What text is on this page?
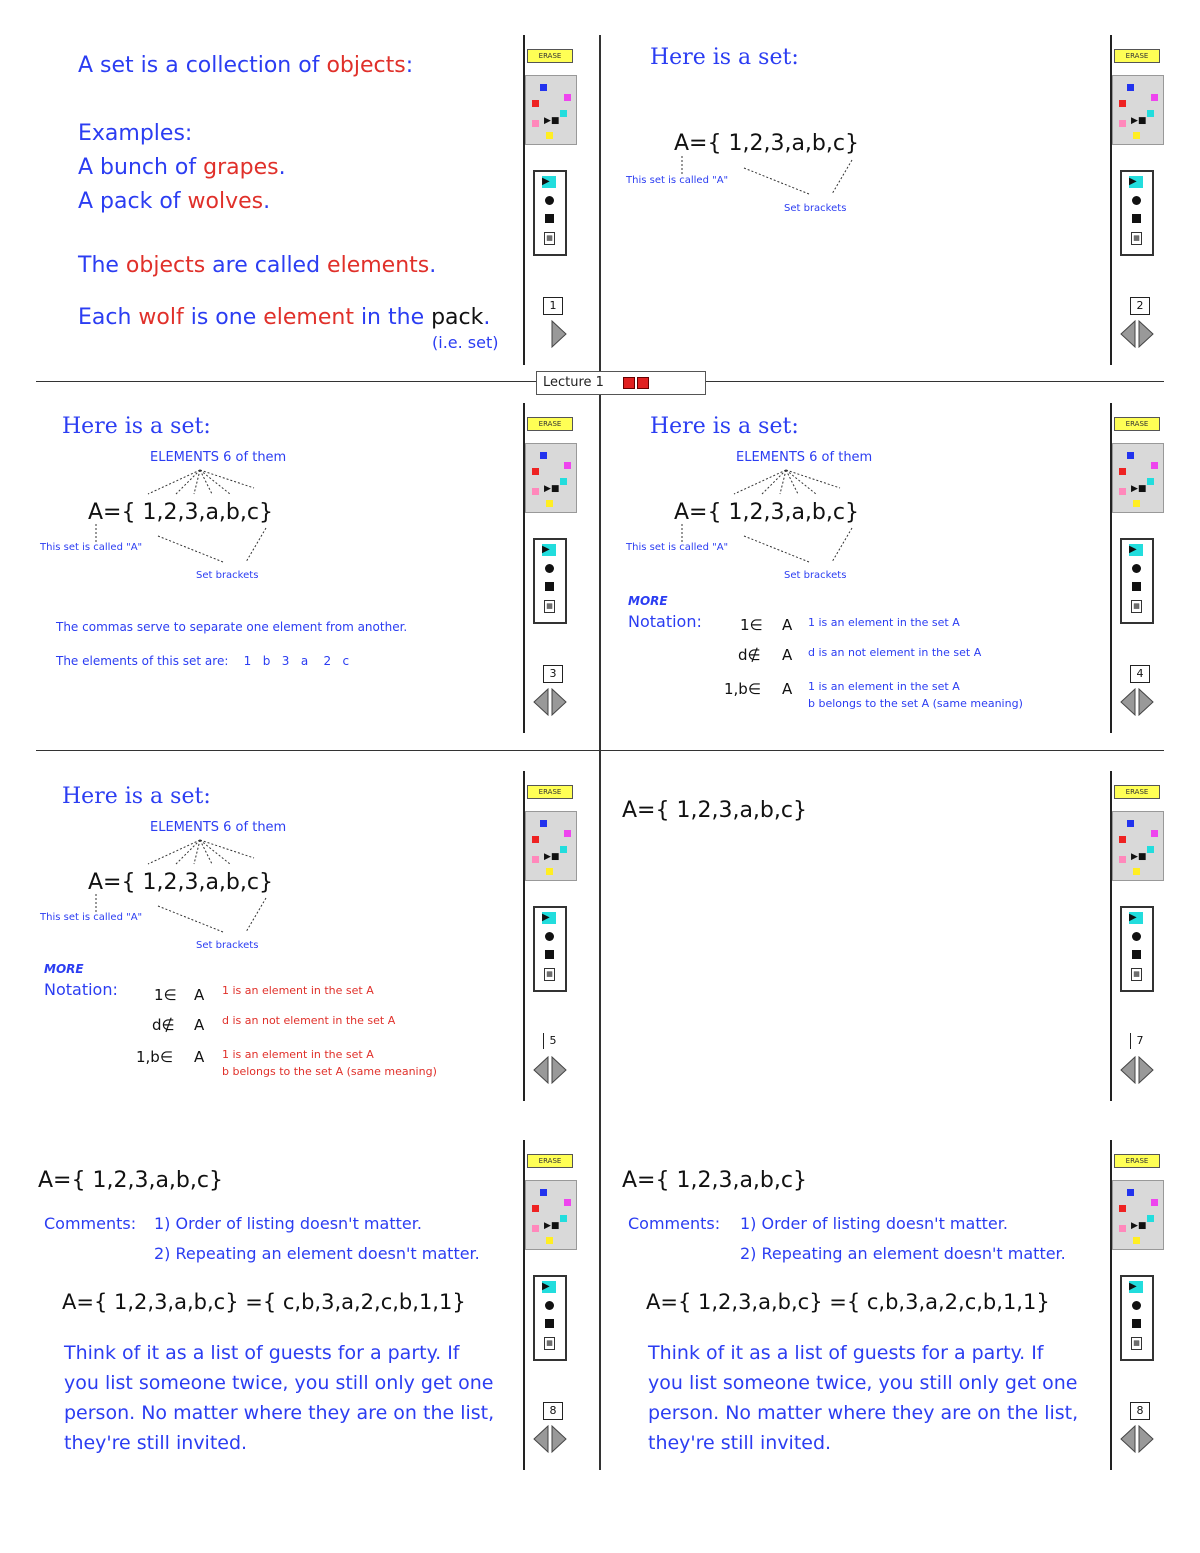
Lecture 1
A set is a collection of objects:
Examples:
A bunch of grapes.
A pack of wolves.
The objects are called elements.
Each wolf is one element in the pack.
(i.e. set)
ERASE
▶■
▶
▦
1
Here is a set:
A={ 1,2,3,a,b,c}
This set is called "A"
Set brackets
ERASE
▶■
▶
▦
2
Here is a set:
ELEMENTS 6 of them
A={ 1,2,3,a,b,c}
This set is called "A"
Set brackets
The commas serve to separate one element from another.
The elements of this set are:    1   b   3   a    2   c
ERASE
▶■
▶
▦
3
Here is a set:
ELEMENTS 6 of them
A={ 1,2,3,a,b,c}
This set is called "A"
Set brackets
MORE
Notation:	1∈ A 1 is an element in the set A
d∉ A d is an not element in the set A
1,b∈ A 1 is an element in the set A
b belongs to the set A (same meaning)
ERASE
▶■
▶
▦
4
Here is a set:
ELEMENTS 6 of them
A={ 1,2,3,a,b,c}
This set is called "A"
Set brackets
MORE
Notation: 1∈ A 1 is an element in the set A
d∉ A d is an not element in the set A
1,b∈ A 1 is an element in the set A
b belongs to the set A (same meaning)
ERASE
▶■
▶
▦
5
A={ 1,2,3,a,b,c}
ERASE
▶■
▶
▦
7
A={ 1,2,3,a,b,c}
Comments: 1) Order of listing doesn't matter.
2) Repeating an element doesn't matter.
A={ 1,2,3,a,b,c} ={ c,b,3,a,2,c,b,1,1}
Think of it as a list of guests for a party. If
you list someone twice, you still only get one
person. No matter where they are on the list,
they're still invited.
ERASE
▶■
▶
▦
8
A={ 1,2,3,a,b,c}
Comments: 1) Order of listing doesn't matter.
2) Repeating an element doesn't matter.
A={ 1,2,3,a,b,c} ={ c,b,3,a,2,c,b,1,1}
Think of it as a list of guests for a party. If
you list someone twice, you still only get one
person. No matter where they are on the list,
they're still invited.
ERASE
▶■
▶
▦
8
